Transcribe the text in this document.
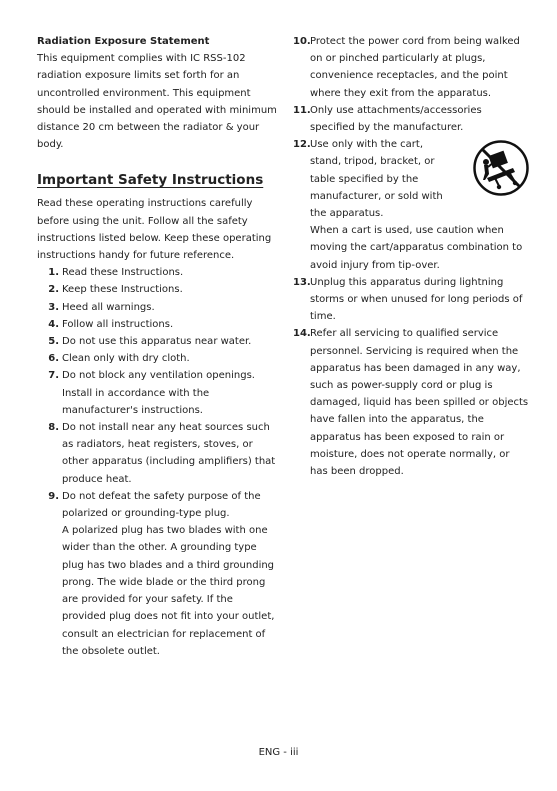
Radiation Exposure Statement

This equipment complies with IC RSS-102 radiation exposure limits set forth for an uncontrolled environment. This equipment should be installed and operated with minimum distance 20 cm between the radiator & your body.

Important Safety Instructions

Read these operating instructions carefully before using the unit. Follow all the safety instructions listed below. Keep these operating instructions handy for future reference.

1. Read these Instructions.
2. Keep these Instructions.
3. Heed all warnings.
4. Follow all instructions.
5. Do not use this apparatus near water.
6. Clean only with dry cloth.
7. Do not block any ventilation openings. Install in accordance with the manufacturer's instructions.
8. Do not install near any heat sources such as radiators, heat registers, stoves, or other apparatus (including amplifiers) that produce heat.
9. Do not defeat the safety purpose of the polarized or grounding-type plug.
A polarized plug has two blades with one wider than the other. A grounding type plug has two blades and a third grounding prong. The wide blade or the third prong are provided for your safety. If the provided plug does not fit into your outlet, consult an electrician for replacement of the obsolete outlet.
10. Protect the power cord from being walked on or pinched particularly at plugs, convenience receptacles, and the point where they exit from the apparatus.
11. Only use attachments/accessories specified by the manufacturer.
12. Use only with the cart, stand, tripod, bracket, or table specified by the manufacturer, or sold with the apparatus.
When a cart is used, use caution when moving the cart/apparatus combination to avoid injury from tip-over.
13. Unplug this apparatus during lightning storms or when unused for long periods of time.
14. Refer all servicing to qualified service personnel. Servicing is required when the apparatus has been damaged in any way, such as power-supply cord or plug is damaged, liquid has been spilled or objects have fallen into the apparatus, the apparatus has been exposed to rain or moisture, does not operate normally, or has been dropped.
ENG - iii
